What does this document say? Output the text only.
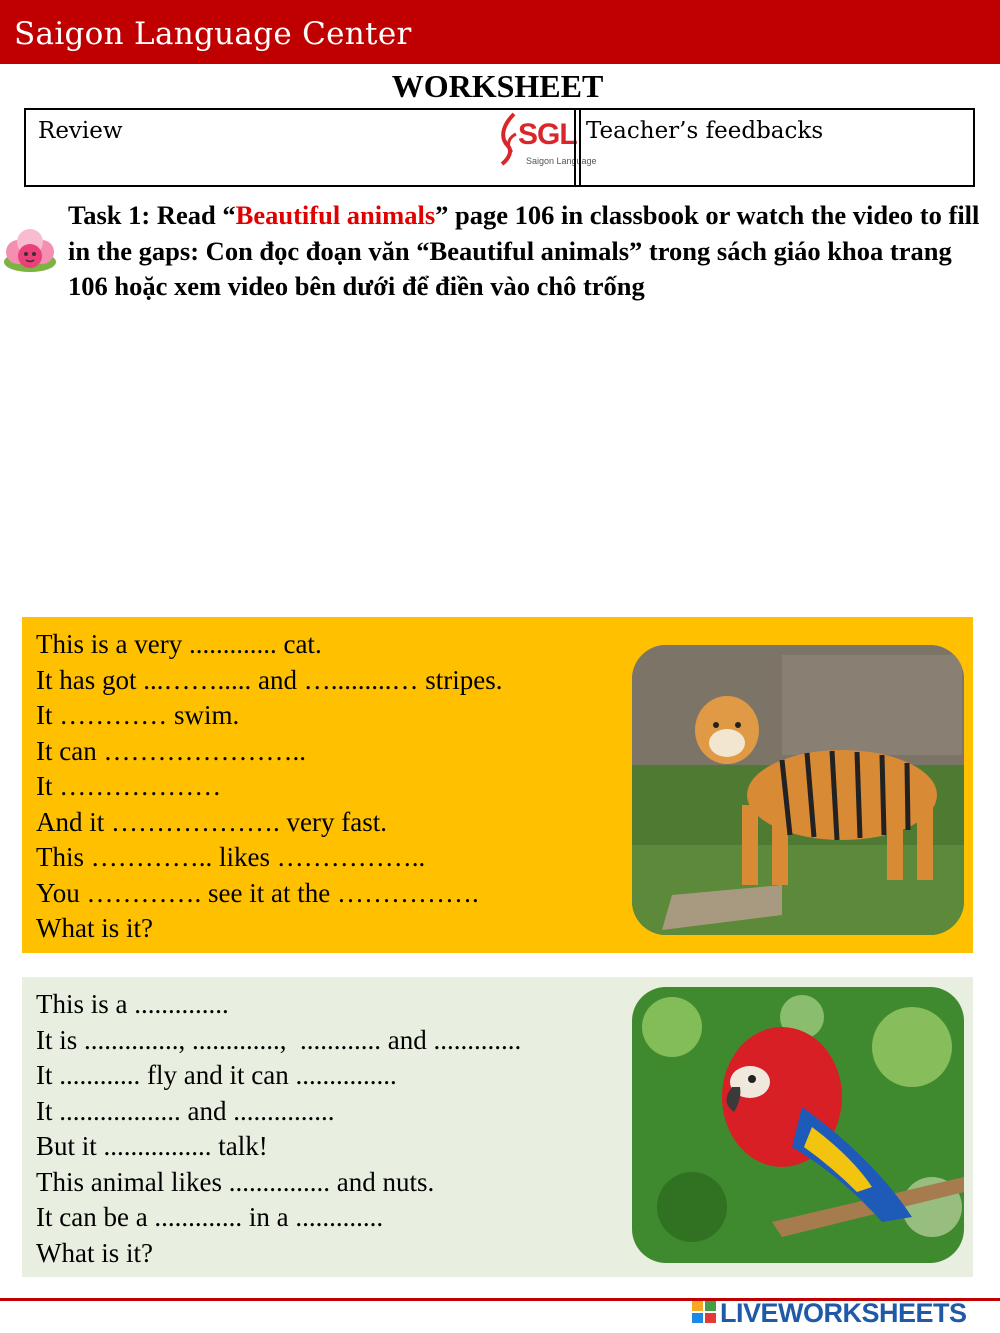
Saigon Language Center
WORKSHEET
Review	SGL
Saigon Language
Teacher’s feedbacks
Task 1: Read “Beautiful animals” page 106 in classbook or watch the video to fill in the gaps: Con đọc đoạn văn “Beautiful animals” trong sách giáo khoa trang 106 hoặc xem video bên dưới để điền vào chô trống
This is a very ............. cat.
It has got ...……..... and ….........… stripes.
It ………… swim.
It can …………………..
It ………………
And it ………………. very fast.
This ………….. likes ……………..
You …………. see it at the …………….
What is it?
This is a ..............
It is .............., .............,  ............ and .............
It ............ fly and it can ...............
It .................. and ...............
But it ................ talk!
This animal likes ............... and nuts.
It can be a ............. in a .............
What is it?
LIVEWORKSHEETS
